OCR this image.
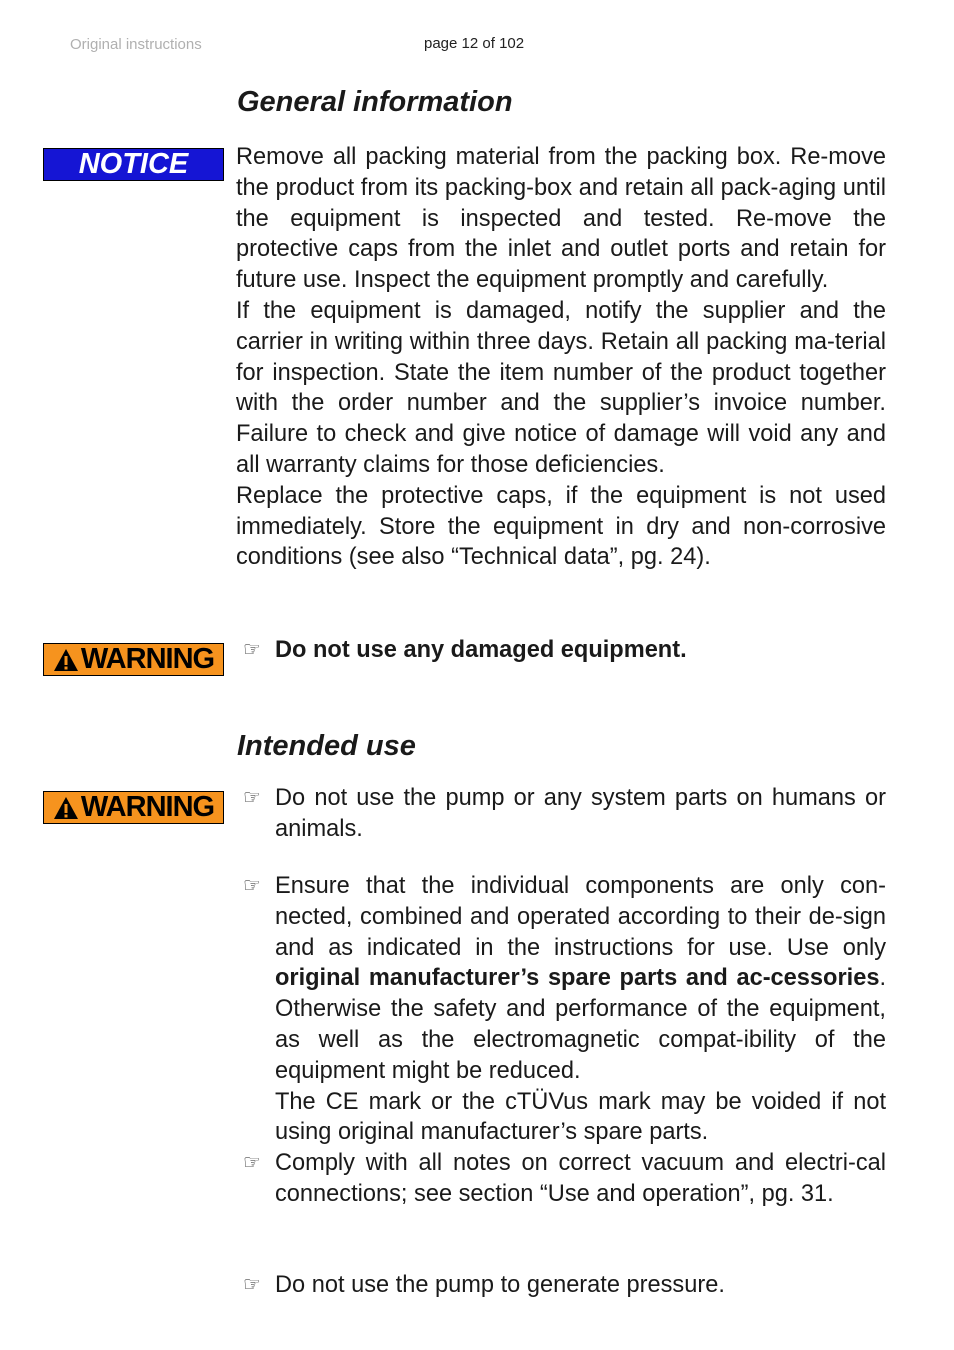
Original instructions	page 12 of 102
General information
NOTICE Remove all packing material from the packing box. Re-move the product from its packing-box and retain all pack-aging until the equipment is inspected and tested. Re-move the protective caps from the inlet and outlet ports and retain for future use. Inspect the equipment promptly and carefully.

If the equipment is damaged, notify the supplier and the carrier in writing within three days. Retain all packing ma-terial for inspection. State the item number of the product together with the order number and the supplier’s invoice number. Failure to check and give notice of damage will void any and all warranty claims for those deficiencies.

Replace the protective caps, if the equipment is not used immediately. Store the equipment in dry and non-corrosive conditions (see also “Technical data”, pg. 24).

WARNING ☞ Do not use any damaged equipment.
Intended use
WARNING ☞ Do not use the pump or any system parts on humans or animals.
☞ Ensure that the individual components are only con-nected, combined and operated according to their de-sign and as indicated in the instructions for use. Use only original manufacturer’s spare parts and ac-cessories. Otherwise the safety and performance of the equipment, as well as the electromagnetic compat-ibility of the equipment might be reduced.

The CE mark or the cTÜVus mark may be voided if not using original manufacturer’s spare parts.

☞ Comply with all notes on correct vacuum and electri-cal connections; see section “Use and operation”, pg. 31.
☞ Do not use the pump to generate pressure.
